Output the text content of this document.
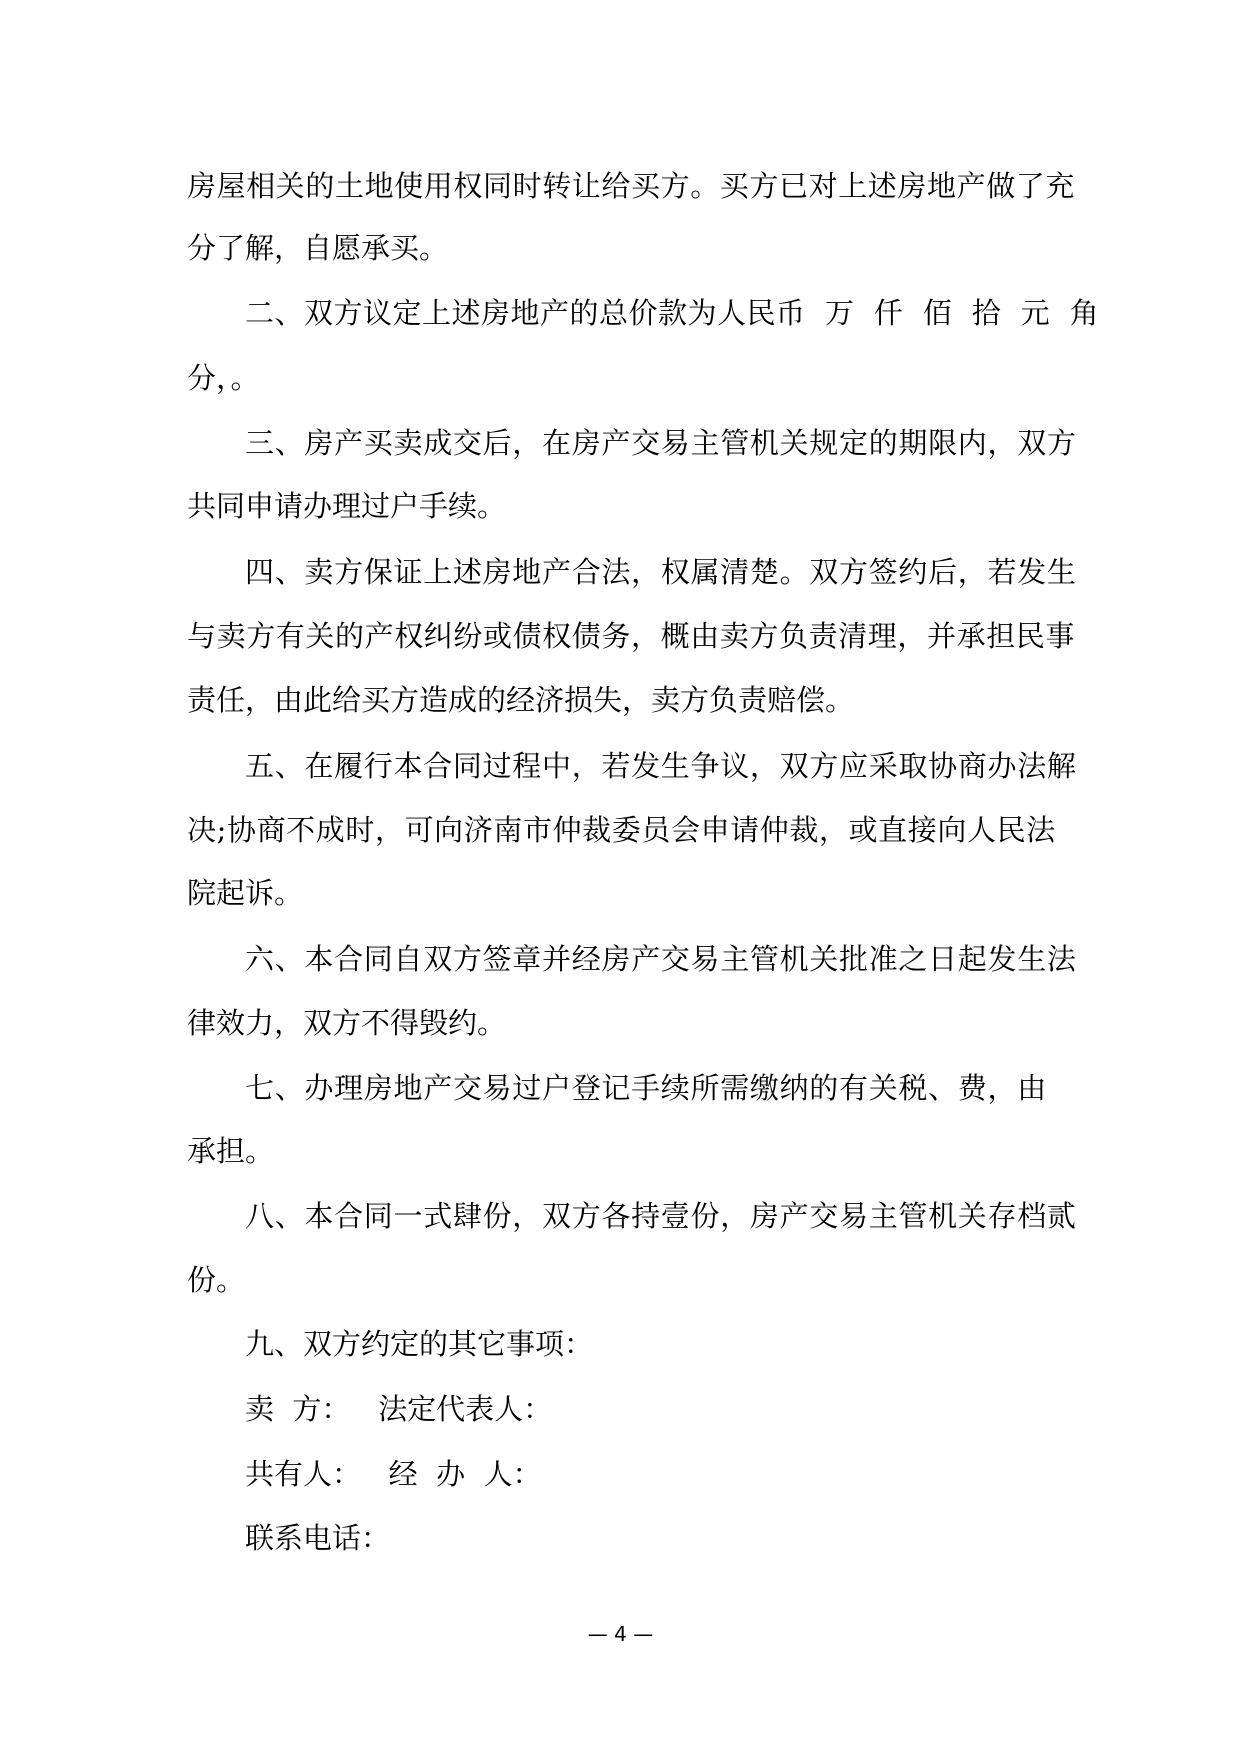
房屋相关的土地使用权同时转让给买方。买方已对上述房地产做了充
分了解，自愿承买。
二、双方议定上述房地产的总价款为人民币  万  仟  佰  拾  元  角
分，。
三、房产买卖成交后，在房产交易主管机关规定的期限内，双方
共同申请办理过户手续。
四、卖方保证上述房地产合法，权属清楚。双方签约后，若发生
与卖方有关的产权纠纷或债权债务，概由卖方负责清理，并承担民事
责任，由此给买方造成的经济损失，卖方负责赔偿。
五、在履行本合同过程中，若发生争议，双方应采取协商办法解
决;协商不成时，可向济南市仲裁委员会申请仲裁，或直接向人民法
院起诉。
六、本合同自双方签章并经房产交易主管机关批准之日起发生法
律效力，双方不得毁约。
七、办理房地产交易过户登记手续所需缴纳的有关税、费，由
承担。
八、本合同一式肆份，双方各持壹份，房产交易主管机关存档贰
份。
九、双方约定的其它事项：
卖  方：   法定代表人：
共有人：   经  办  人：
联系电话：
— 4 —
